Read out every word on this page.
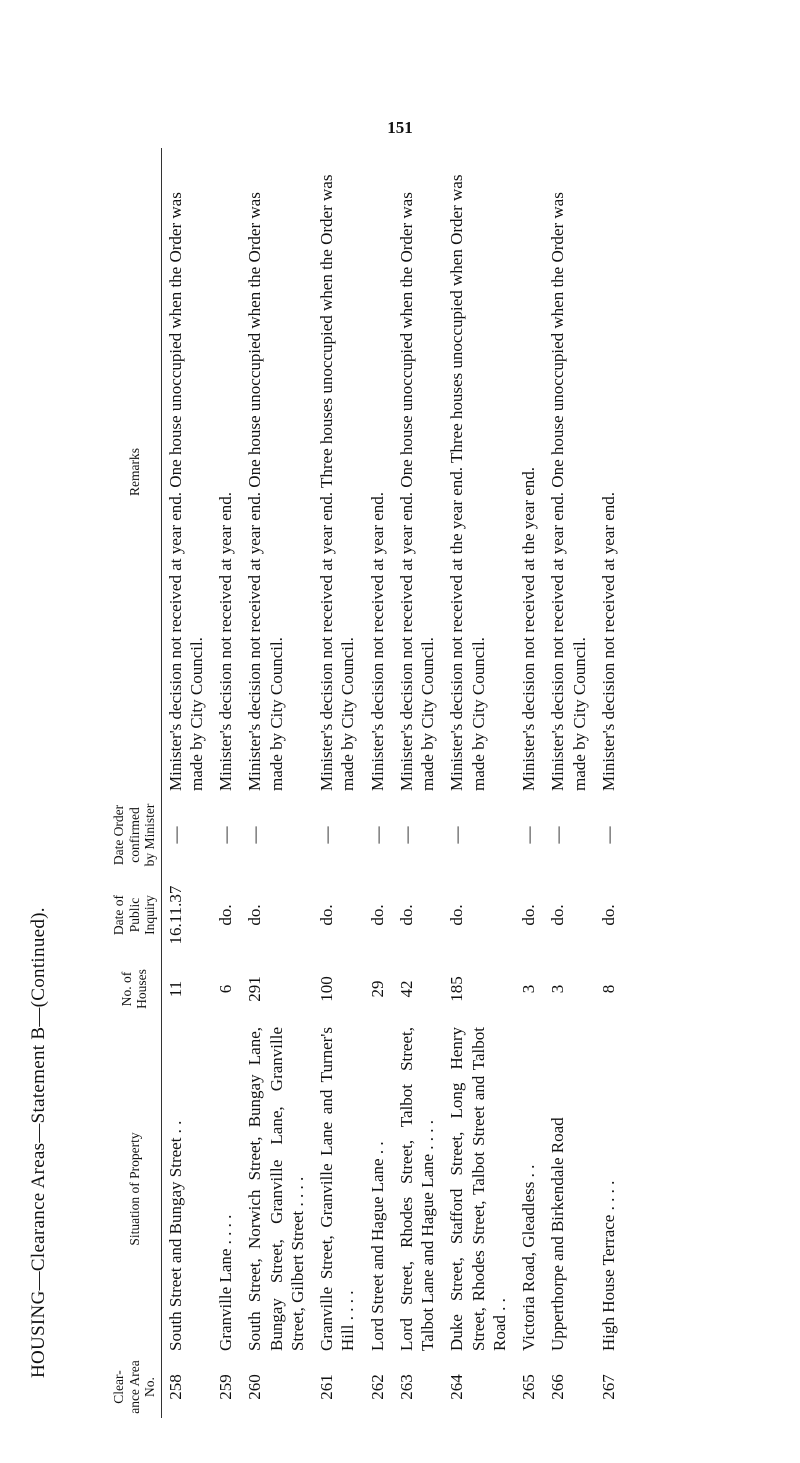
151
HOUSING—Clearance Areas—Statement B—(Continued).
Clear-ance Area No.	Situation of Property	No. of Houses	Date of Public Inquiry	Date Order confirmed by Minister	Remarks
258	South Street and Bungay Street . .	11	16.11.37	—	Minister's decision not received at year end. One house unoccupied when the Order was made by City Council.
259	Granville Lane . . . .	6	do.	—	Minister's decision not received at year end.
260	South Street, Norwich Street, Bungay Lane, Bungay Street, Granville Lane, Granville Street, Gilbert Street . . . .	291	do.	—	Minister's decision not received at year end. One house unoccupied when the Order was made by City Council.
261	Granville Street, Granville Lane and Turner's Hill . . . .	100	do.	—	Minister's decision not received at year end. Three houses unoccupied when the Order was made by City Council.
262	Lord Street and Hague Lane . .	29	do.	—	Minister's decision not received at year end.
263	Lord Street, Rhodes Street, Talbot Street, Talbot Lane and Hague Lane . . . .	42	do.	—	Minister's decision not received at year end. One house unoccupied when the Order was made by City Council.
264	Duke Street, Stafford Street, Long Henry Street, Rhodes Street, Talbot Street and Talbot Road . .	185	do.	—	Minister's decision not received at the year end. Three houses unoccupied when Order was made by City Council.
265	Victoria Road, Gleadless . .	3	do.	—	Minister's decision not received at the year end.
266	Upperthorpe and Birkendale Road	3	do.	—	Minister's decision not received at year end. One house unoccupied when the Order was made by City Council.
267	High House Terrace . . . .	8	do.	—	Minister's decision not received at year end.
